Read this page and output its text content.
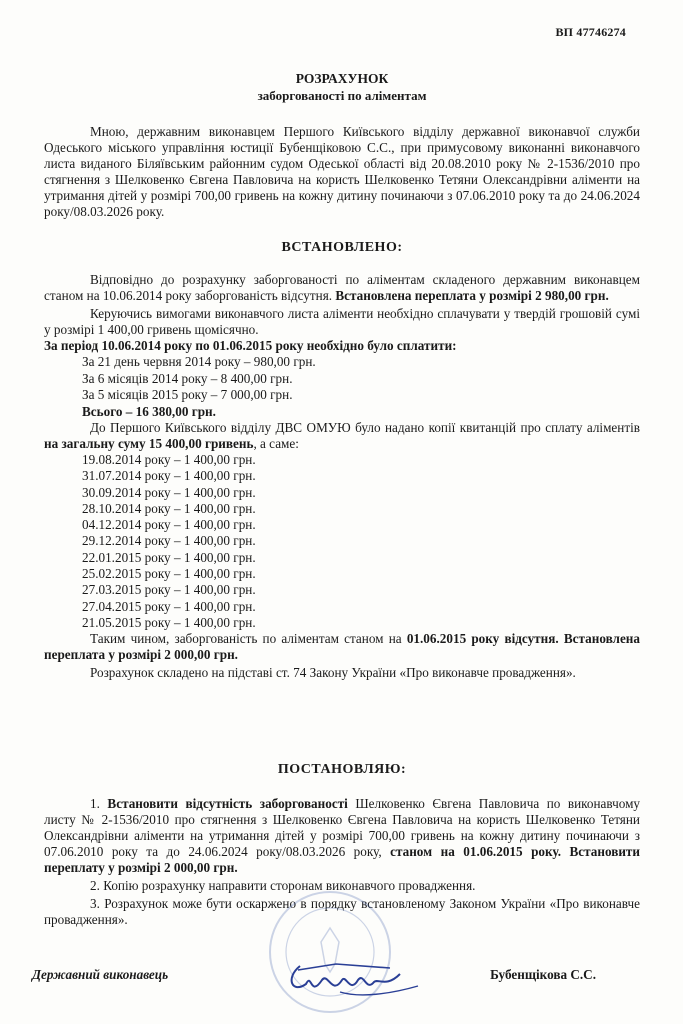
ВП 47746274
РОЗРАХУНОК
заборгованості по аліментам

Мною, державним виконавцем Першого Київського відділу державної виконавчої служби Одеського міського управління юстиції Бубенщіковою С.С., при примусовому виконанні виконавчого листа виданого Біляївським районним судом Одеської області від 20.08.2010 року № 2-1536/2010 про стягнення з Шелковенко Євгена Павловича на користь Шелковенко Тетяни Олександрівни аліменти на утримання дітей у розмірі 700,00 гривень на кожну дитину починаючи з 07.06.2010 року та до 24.06.2024 року/08.03.2026 року.

ВСТАНОВЛЕНО:

Відповідно до розрахунку заборгованості по аліментам складеного державним виконавцем станом на 10.06.2014 року заборгованість відсутня. Встановлена переплата у розмірі 2 980,00 грн.

Керуючись вимогами виконавчого листа аліменти необхідно сплачувати у твердій грошовій сумі у розмірі 1 400,00 гривень щомісячно.

За період 10.06.2014 року по 01.06.2015 року необхідно було сплатити:

За 21 день червня 2014 року – 980,00 грн.

За 6 місяців 2014 року – 8 400,00 грн.

За 5 місяців 2015 року – 7 000,00 грн.

Всього – 16 380,00 грн.

До Першого Київського відділу ДВС ОМУЮ було надано копії квитанцій про сплату аліментів на загальну суму 15 400,00 гривень, а саме:

19.08.2014 року – 1 400,00 грн.

31.07.2014 року – 1 400,00 грн.

30.09.2014 року – 1 400,00 грн.

28.10.2014 року – 1 400,00 грн.

04.12.2014 року – 1 400,00 грн.

29.12.2014 року – 1 400,00 грн.

22.01.2015 року – 1 400,00 грн.

25.02.2015 року – 1 400,00 грн.

27.03.2015 року – 1 400,00 грн.

27.04.2015 року – 1 400,00 грн.

21.05.2015 року – 1 400,00 грн.

Таким чином, заборгованість по аліментам станом на 01.06.2015 року відсутня. Встановлена переплата у розмірі 2 000,00 грн.

Розрахунок складено на підставі ст. 74 Закону України «Про виконавче провадження».

ПОСТАНОВЛЯЮ:

1. Встановити відсутність заборгованості Шелковенко Євгена Павловича по виконавчому листу № 2-1536/2010 про стягнення з Шелковенко Євгена Павловича на користь Шелковенко Тетяни Олександрівни аліменти на утримання дітей у розмірі 700,00 гривень на кожну дитину починаючи з 07.06.2010 року та до 24.06.2024 року/08.03.2026 року, станом на 01.06.2015 року. Встановити переплату у розмірі 2 000,00 грн.

2. Копію розрахунку направити сторонам виконавчого провадження.

3. Розрахунок може бути оскаржено в порядку встановленому Законом України «Про виконавче провадження».

Державний виконавець	Бубенщікова С.С.
